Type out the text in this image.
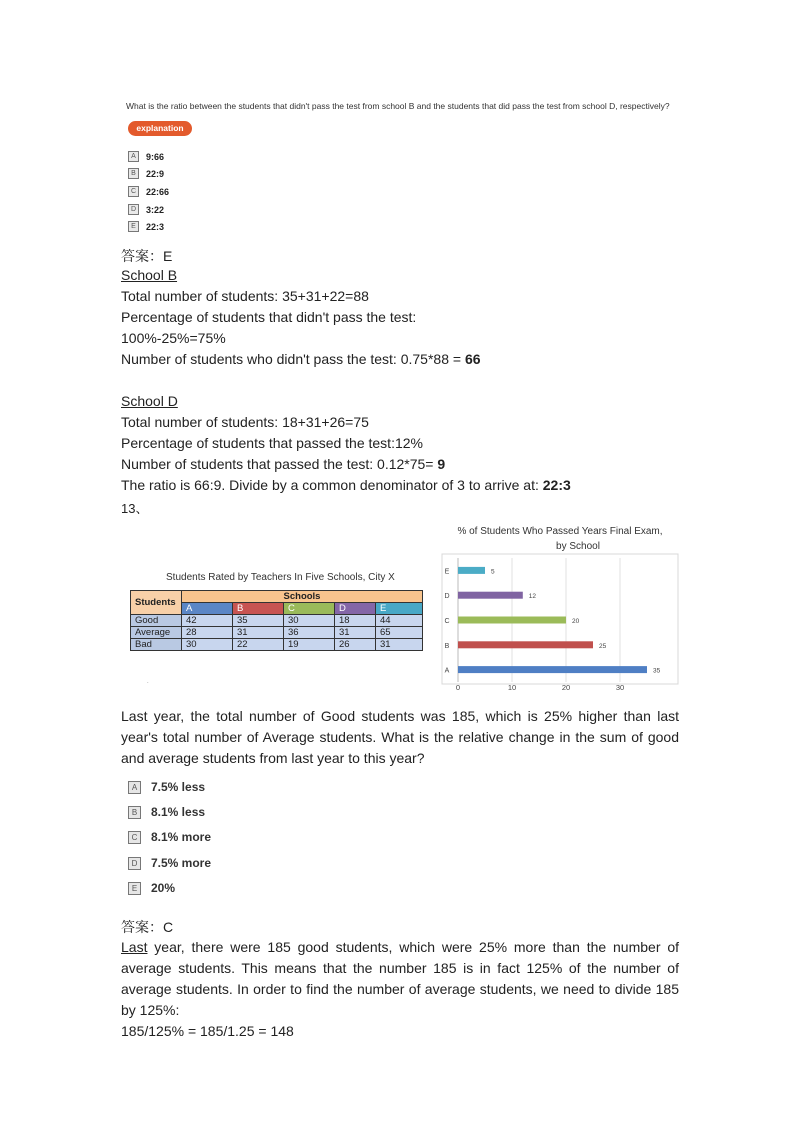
What is the ratio between the students that didn't pass the test from school B and the students that did pass the test from school D, respectively?
explanation
A	9:66
B	22:9
C	22:66
D	3:22
E	22:3
答案：E
School B
Total number of students: 35+31+22=88
Percentage of students that didn't pass the test:
100%-25%=75%
Number of students who didn't pass the test: 0.75*88 = 66
School D
Total number of students: 18+31+26=75
Percentage of students that passed the test:12%
Number of students that passed the test: 0.12*75= 9
The ratio is 66:9. Divide by a common denominator of 3 to arrive at: 22:3
13、
Students Rated by Teachers In Five Schools, City X
Students	Schools				
	A	B	C	D	E
Good	42	35	30	18	44
Average	28	31	36	31	65
Bad	30	22	19	26	31
.
% of Students Who Passed Years Final Exam,
by School
0	10	20	30
A	35
B	25
C	20
D	12
E	5
Last year, the total number of Good students was 185, which is 25% higher than last year's total number of Average students. What is the relative change in the sum of good and average students from last year to this year?
A	7.5% less
B	8.1% less
C	8.1% more
D	7.5% more
E	20%
答案：C
Last year, there were 185 good students, which were 25% more than the number of average students. This means that the number 185 is in fact 125% of the number of average students. In order to find the number of average students, we need to divide 185 by 125%:
185/125% = 185/1.25 = 148
